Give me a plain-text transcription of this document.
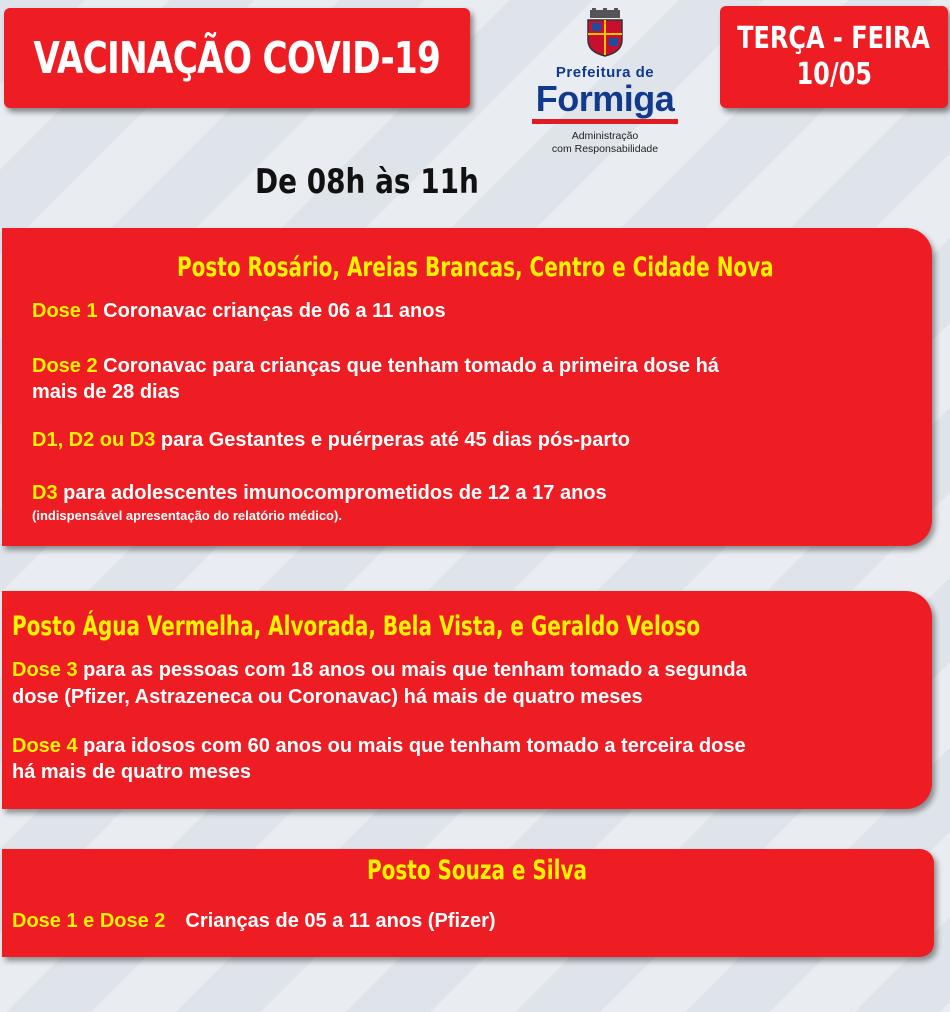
VACINAÇÃO COVID-19	Prefeitura de
Formiga
Administração
com Responsabilidade
TERÇA - FEIRA
10/05
De 08h às 11h
Posto Rosário, Areias Brancas, Centro e Cidade Nova
Dose 1 Coronavac crianças de 06 a 11 anos
Dose 2 Coronavac para crianças que tenham tomado a primeira dose há
mais de 28 dias
D1, D2 ou D3 para Gestantes e puérperas até 45 dias pós-parto
D3 para adolescentes imunocomprometidos de 12 a 17 anos
(indispensável apresentação do relatório médico).
Posto Água Vermelha, Alvorada, Bela Vista, e Geraldo Veloso
Dose 3 para as pessoas com 18 anos ou mais que tenham tomado a segunda
dose (Pfizer, Astrazeneca ou Coronavac) há mais de quatro meses
Dose 4 para idosos com 60 anos ou mais que tenham tomado a terceira dose
há mais de quatro meses
Posto Souza e Silva
Dose 1 e Dose 2 Crianças de 05 a 11 anos (Pfizer)
